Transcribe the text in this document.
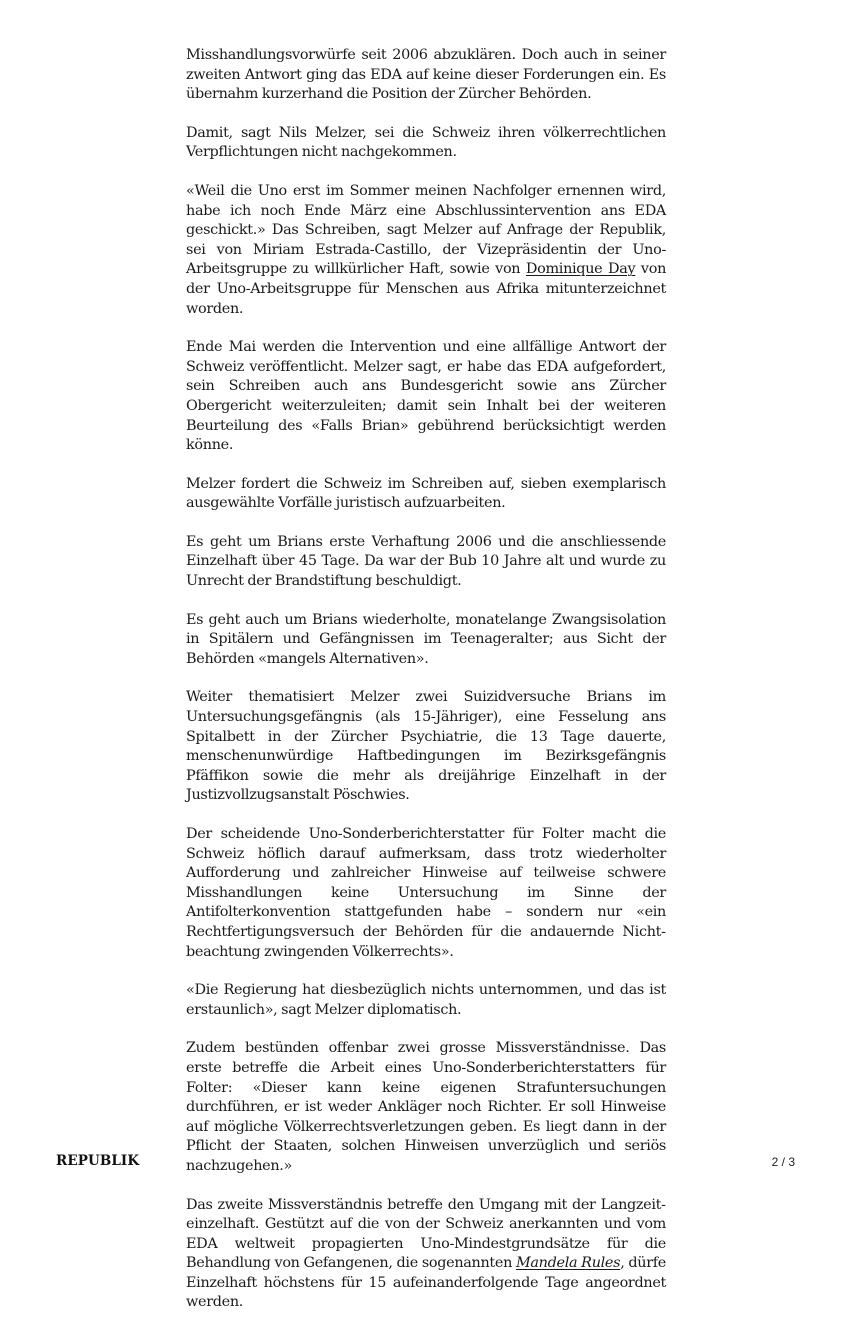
Misshandlungsvorwürfe seit 2006 abzuklären. Doch auch in seiner zweiten Antwort ging das EDA auf keine dieser Forderungen ein. Es übernahm kurzerhand die Position der Zürcher Behörden.

Damit, sagt Nils Melzer, sei die Schweiz ihren völkerrechtlichen Verpflichtungen nicht nachgekommen.

«Weil die Uno erst im Sommer meinen Nachfolger ernennen wird, habe ich noch Ende März eine Abschlussintervention ans EDA geschickt.» Das Schreiben, sagt Melzer auf Anfrage der Republik, sei von Miriam Estrada-Castillo, der Vizepräsidentin der Uno-Arbeitsgruppe zu willkürlicher Haft, sowie von Dominique Day von der Uno-Arbeitsgruppe für Menschen aus Afrika mitunterzeichnet worden.

Ende Mai werden die Intervention und eine allfällige Antwort der Schweiz veröffentlicht. Melzer sagt, er habe das EDA aufgefordert, sein Schreiben auch ans Bundesgericht sowie ans Zürcher Obergericht weiterzuleiten; damit sein Inhalt bei der weiteren Beurteilung des «Falls Brian» gebührend berücksichtigt werden könne.

Melzer fordert die Schweiz im Schreiben auf, sieben exemplarisch ausgewählte Vorfälle juristisch aufzuarbeiten.

Es geht um Brians erste Verhaftung 2006 und die anschliessende Einzelhaft über 45 Tage. Da war der Bub 10 Jahre alt und wurde zu Unrecht der Brandstiftung beschuldigt.

Es geht auch um Brians wiederholte, monatelange Zwangsisolation in Spitälern und Gefängnissen im Teenageralter; aus Sicht der Behörden «mangels Alternativen».

Weiter thematisiert Melzer zwei Suizidversuche Brians im Untersuchungsgefängnis (als 15-Jähriger), eine Fesselung ans Spitalbett in der Zürcher Psychiatrie, die 13 Tage dauerte, menschenunwürdige Haftbedingungen im Bezirksgefängnis Pfäffikon sowie die mehr als dreijährige Einzelhaft in der Justizvollzugsanstalt Pöschwies.

Der scheidende Uno-Sonderberichterstatter für Folter macht die Schweiz höflich darauf aufmerksam, dass trotz wiederholter Aufforderung und zahlreicher Hinweise auf teilweise schwere Misshandlungen keine Untersuchung im Sinne der Antifolterkonvention stattgefunden habe – sondern nur «ein Rechtfertigungsversuch der Behörden für die andauernde Nichtbeachtung zwingenden Völkerrechts».

«Die Regierung hat diesbezüglich nichts unternommen, und das ist erstaunlich», sagt Melzer diplomatisch.

Zudem bestünden offenbar zwei grosse Missverständnisse. Das erste betreffe die Arbeit eines Uno-Sonderberichterstatters für Folter: «Dieser kann keine eigenen Strafuntersuchungen durchführen, er ist weder Ankläger noch Richter. Er soll Hinweise auf mögliche Völkerrechtsverletzungen geben. Es liegt dann in der Pflicht der Staaten, solchen Hinweisen unverzüglich und seriös nachzugehen.»

Das zweite Missverständnis betreffe den Umgang mit der Langzeiteinzelhaft. Gestützt auf die von der Schweiz anerkannten und vom EDA weltweit propagierten Uno-Mindestgrundsätze für die Behandlung von Gefangenen, die sogenannten Mandela Rules, dürfe Einzelhaft höchstens für 15 aufeinanderfolgende Tage angeordnet werden.

REPUBLIK	2 / 3
